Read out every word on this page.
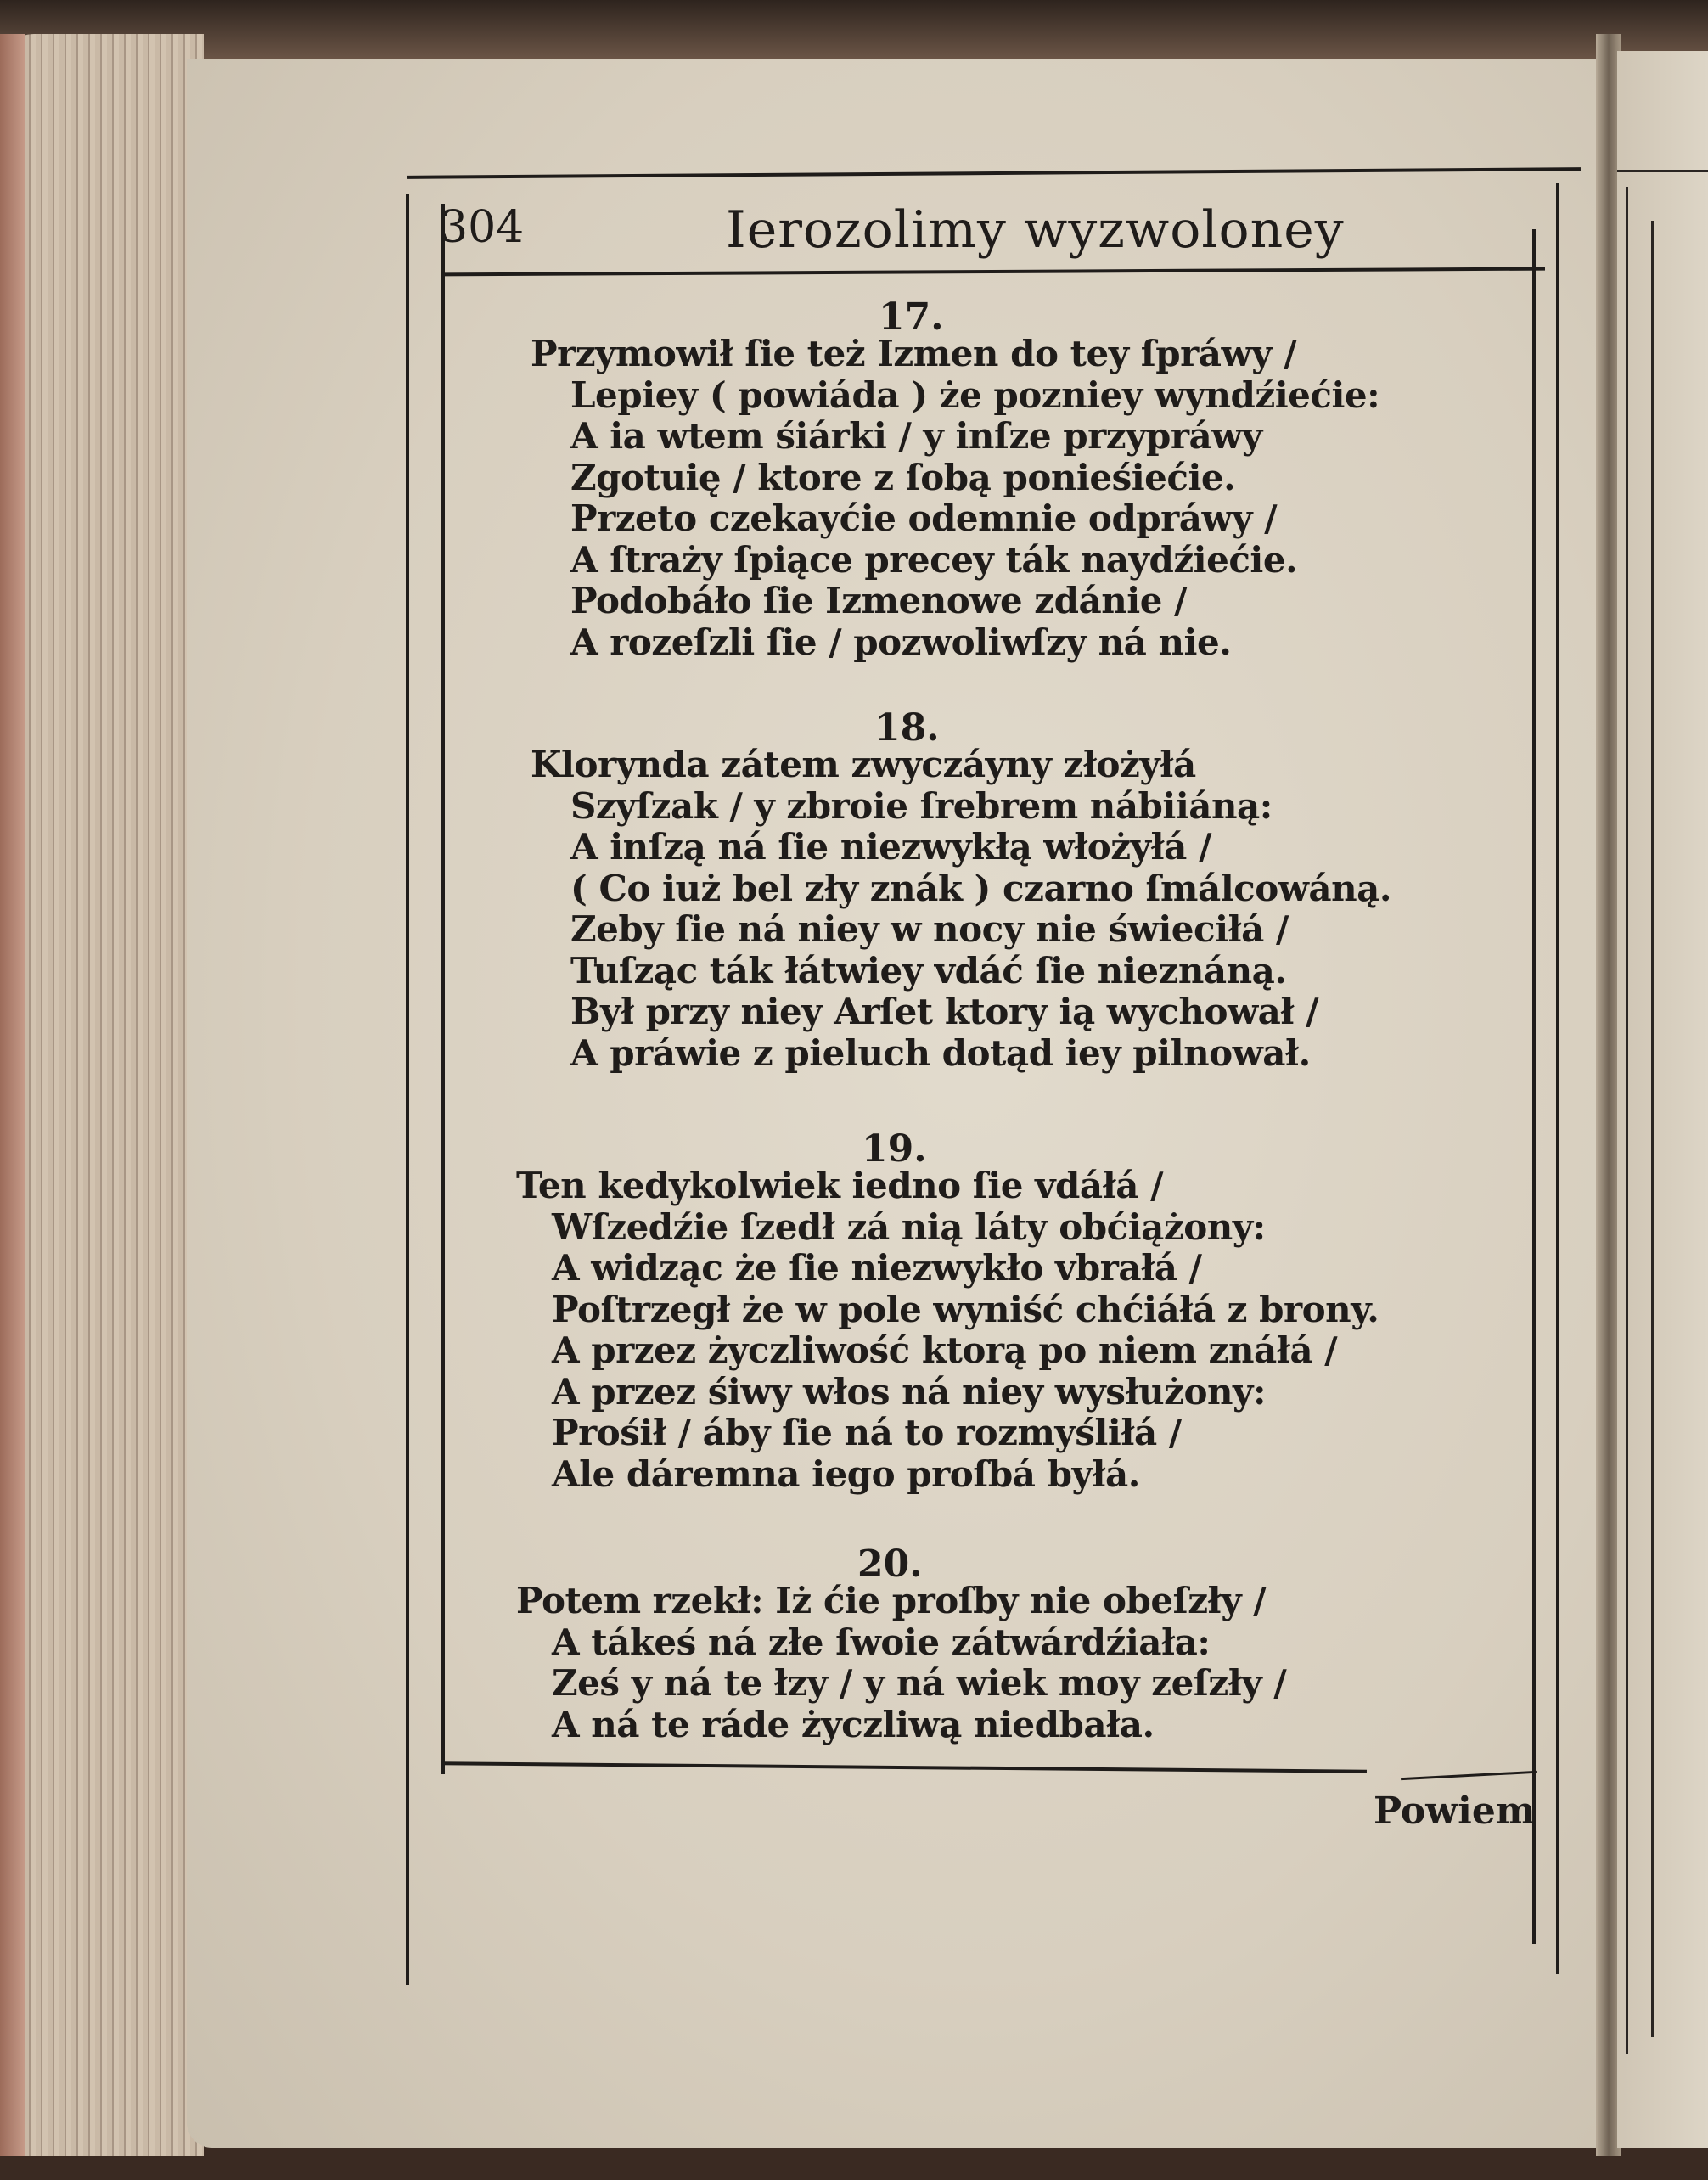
304	Ierozolimy wyzwoloney
17.
Przymowił ſie też Izmen do tey ſpráwy /
Lepiey ( powiáda ) że pozniey wyndźiećie:
A ia wtem śiárki / y inſze przypráwy
Zgotuię / ktore z ſobą ponieśiećie.
Przeto czekayćie odemnie odpráwy /
A ſtraży ſpiące precey ták naydźiećie.
Podobáło ſie Izmenowe zdánie /
A rozeſzli ſie / pozwoliwſzy ná nie.
18.
Klorynda zátem zwyczáyny złożyłá
Szyſzak / y zbroie ſrebrem nábiiáną:
A inſzą ná ſie niezwykłą włożyłá /
( Co iuż bel zły znák ) czarno ſmálcowáną.
Zeby ſie ná niey w nocy nie świeciłá /
Tuſząc ták łátwiey vdáć ſie nieznáną.
Był przy niey Arſet ktory ią wychował /
A práwie z pieluch dotąd iey pilnował.
19.
Ten kedykolwiek iedno ſie vdáłá /
Wſzedźie ſzedł zá nią láty obćiążony:
A widząc że ſie niezwykło vbrałá /
Poſtrzegł że w pole wyniść chćiáłá z brony.
A przez życzliwość ktorą po niem znáłá /
A przez śiwy włos ná niey wysłużony:
Prośił / áby ſie ná to rozmyśliłá /
Ale dáremna iego proſbá byłá.
20.
Potem rzekł: Iż ćie proſby nie obeſzły /
A tákeś ná złe ſwoie zátwárdźiała:
Ześ y ná te łzy / y ná wiek moy zeſzły /
A ná te ráde życzliwą niedbała.
Powiem
